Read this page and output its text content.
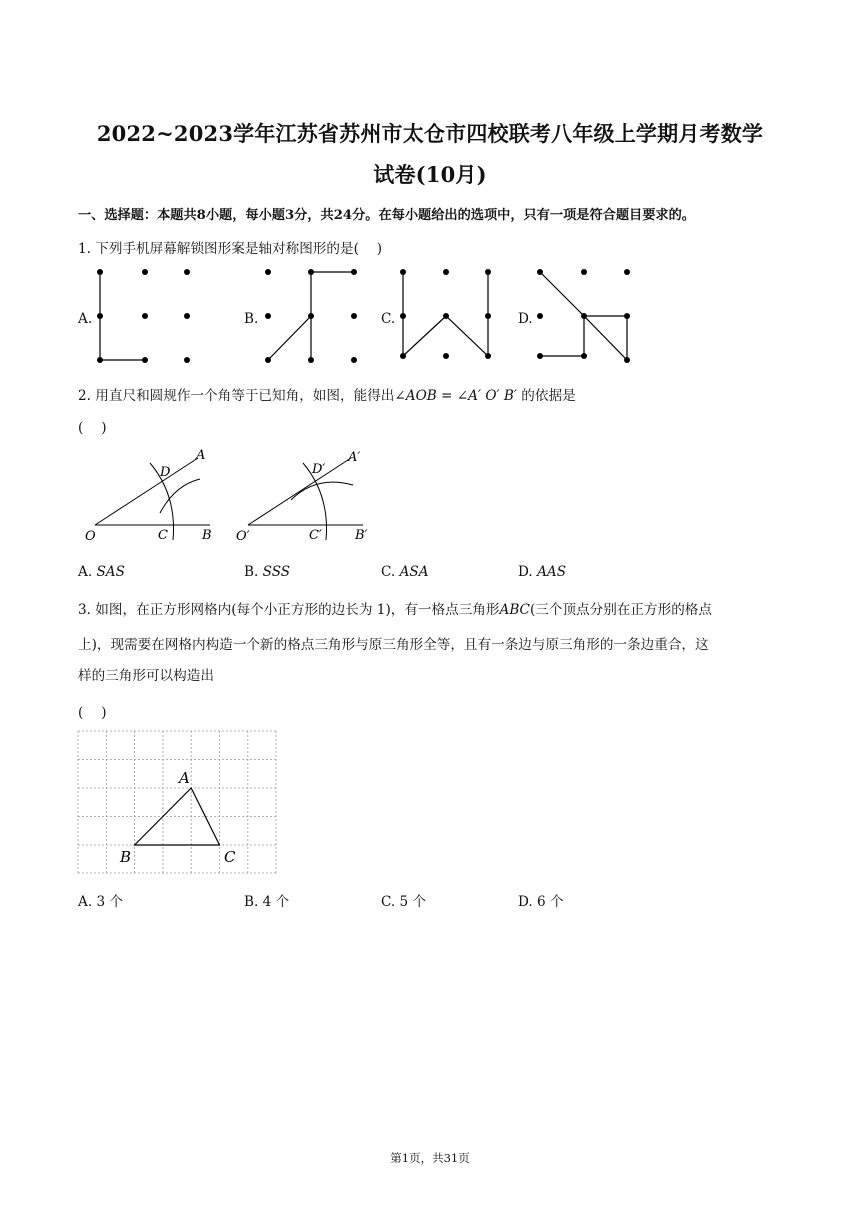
2022~2023学年江苏省苏州市太仓市四校联考八年级上学期月考数学
试卷(10月)
一、选择题：本题共8小题，每小题3分，共24分。在每小题给出的选项中，只有一项是符合题目要求的。
1. 下列手机屏幕解锁图形案是轴对称图形的是(　 )
A.	B.	C.	D.
2. 用直尺和圆规作一个角等于已知角，如图，能得出∠AOB = ∠A′ O′ B′ 的依据是
(　 )
O	C	B
D
A
O′	C′	B′
D′
A′
A. SAS	B. SSS	C. ASA	D. AAS
3. 如图，在正方形网格内(每个小正方形的边长为 1)，有一格点三角形ABC(三个顶点分别在正方形的格点
上)，现需要在网格内构造一个新的格点三角形与原三角形全等，且有一条边与原三角形的一条边重合，这
样的三角形可以构造出
(　 )
A
B	C
A. 3 个	B. 4 个	C. 5 个	D. 6 个
第1页，共31页
